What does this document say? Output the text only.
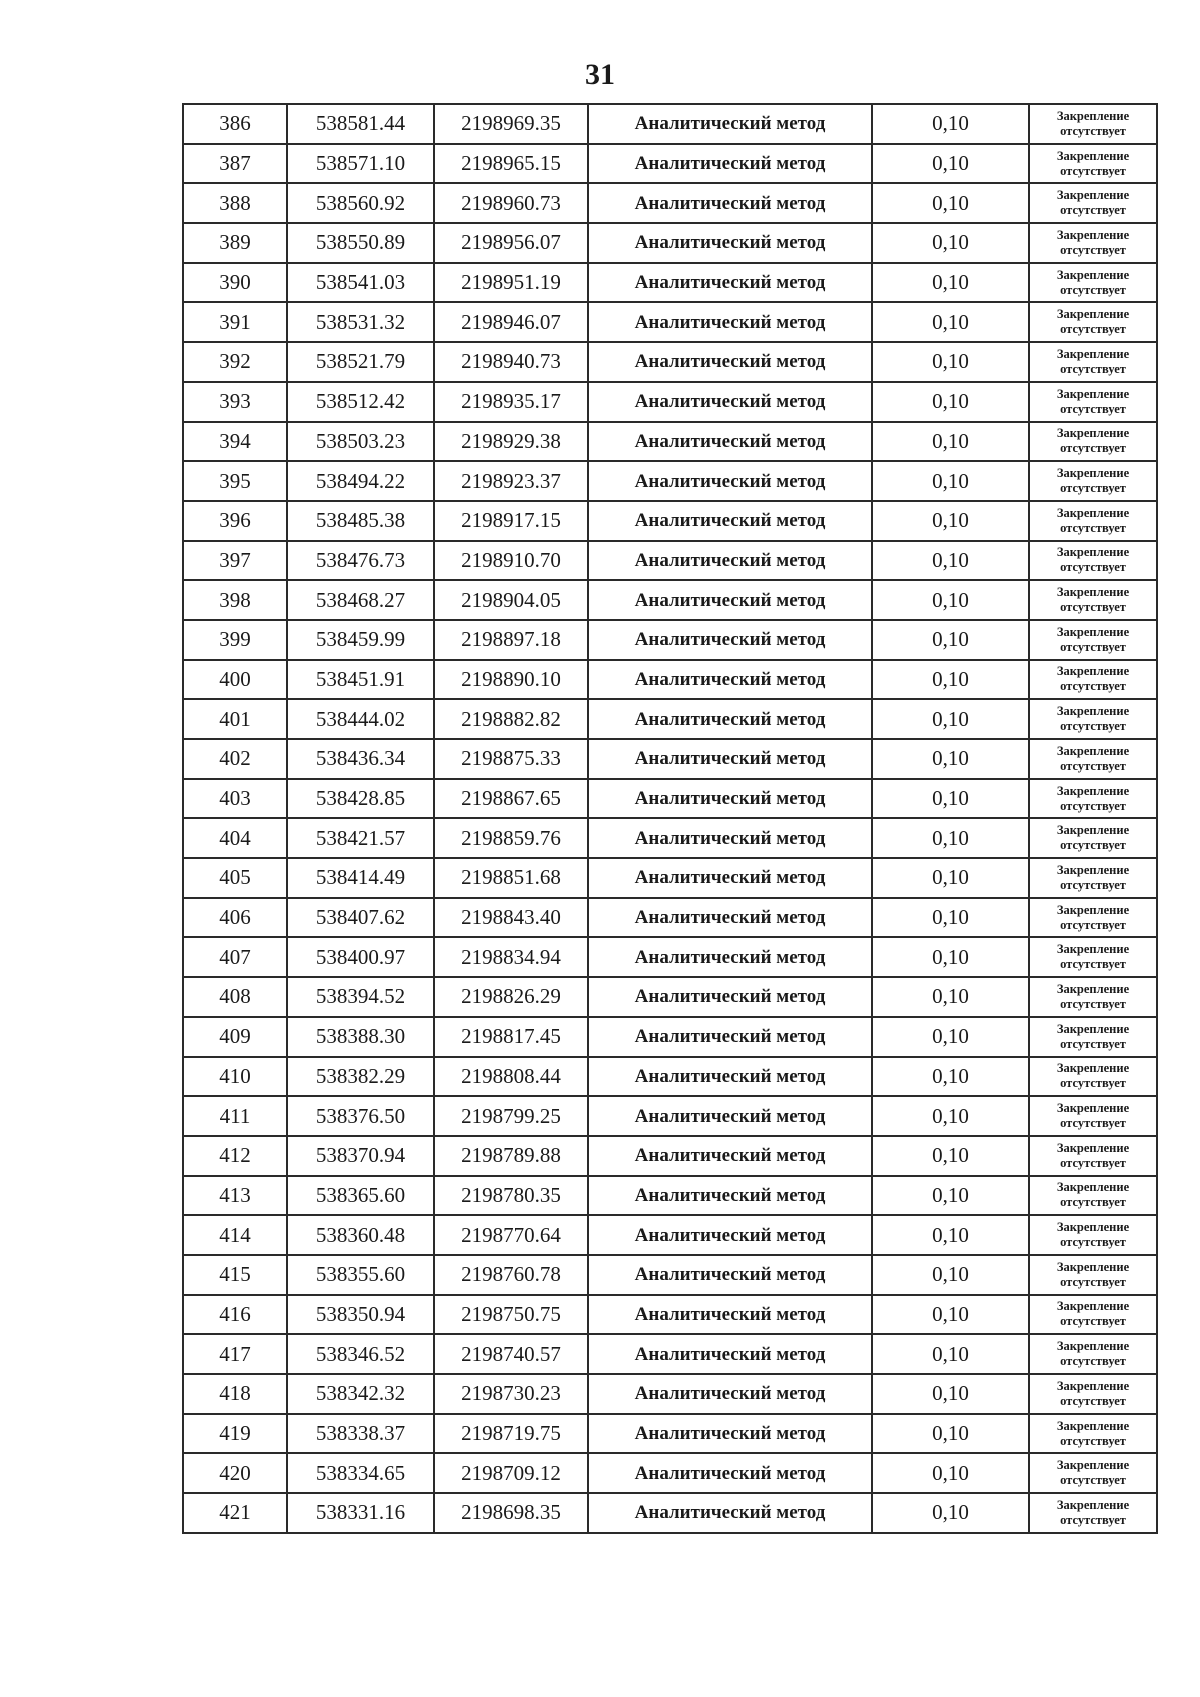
31
386	538581.44	2198969.35	Аналитический метод	0,10	Закрепление
отсутствует

387	538571.10	2198965.15	Аналитический метод	0,10	Закрепление
отсутствует

388	538560.92	2198960.73	Аналитический метод	0,10	Закрепление
отсутствует

389	538550.89	2198956.07	Аналитический метод	0,10	Закрепление
отсутствует

390	538541.03	2198951.19	Аналитический метод	0,10	Закрепление
отсутствует

391	538531.32	2198946.07	Аналитический метод	0,10	Закрепление
отсутствует

392	538521.79	2198940.73	Аналитический метод	0,10	Закрепление
отсутствует

393	538512.42	2198935.17	Аналитический метод	0,10	Закрепление
отсутствует

394	538503.23	2198929.38	Аналитический метод	0,10	Закрепление
отсутствует

395	538494.22	2198923.37	Аналитический метод	0,10	Закрепление
отсутствует

396	538485.38	2198917.15	Аналитический метод	0,10	Закрепление
отсутствует

397	538476.73	2198910.70	Аналитический метод	0,10	Закрепление
отсутствует

398	538468.27	2198904.05	Аналитический метод	0,10	Закрепление
отсутствует

399	538459.99	2198897.18	Аналитический метод	0,10	Закрепление
отсутствует

400	538451.91	2198890.10	Аналитический метод	0,10	Закрепление
отсутствует

401	538444.02	2198882.82	Аналитический метод	0,10	Закрепление
отсутствует

402	538436.34	2198875.33	Аналитический метод	0,10	Закрепление
отсутствует

403	538428.85	2198867.65	Аналитический метод	0,10	Закрепление
отсутствует

404	538421.57	2198859.76	Аналитический метод	0,10	Закрепление
отсутствует

405	538414.49	2198851.68	Аналитический метод	0,10	Закрепление
отсутствует

406	538407.62	2198843.40	Аналитический метод	0,10	Закрепление
отсутствует

407	538400.97	2198834.94	Аналитический метод	0,10	Закрепление
отсутствует

408	538394.52	2198826.29	Аналитический метод	0,10	Закрепление
отсутствует

409	538388.30	2198817.45	Аналитический метод	0,10	Закрепление
отсутствует

410	538382.29	2198808.44	Аналитический метод	0,10	Закрепление
отсутствует

411	538376.50	2198799.25	Аналитический метод	0,10	Закрепление
отсутствует

412	538370.94	2198789.88	Аналитический метод	0,10	Закрепление
отсутствует

413	538365.60	2198780.35	Аналитический метод	0,10	Закрепление
отсутствует

414	538360.48	2198770.64	Аналитический метод	0,10	Закрепление
отсутствует

415	538355.60	2198760.78	Аналитический метод	0,10	Закрепление
отсутствует

416	538350.94	2198750.75	Аналитический метод	0,10	Закрепление
отсутствует

417	538346.52	2198740.57	Аналитический метод	0,10	Закрепление
отсутствует

418	538342.32	2198730.23	Аналитический метод	0,10	Закрепление
отсутствует

419	538338.37	2198719.75	Аналитический метод	0,10	Закрепление
отсутствует

420	538334.65	2198709.12	Аналитический метод	0,10	Закрепление
отсутствует

421	538331.16	2198698.35	Аналитический метод	0,10	Закрепление
отсутствует
